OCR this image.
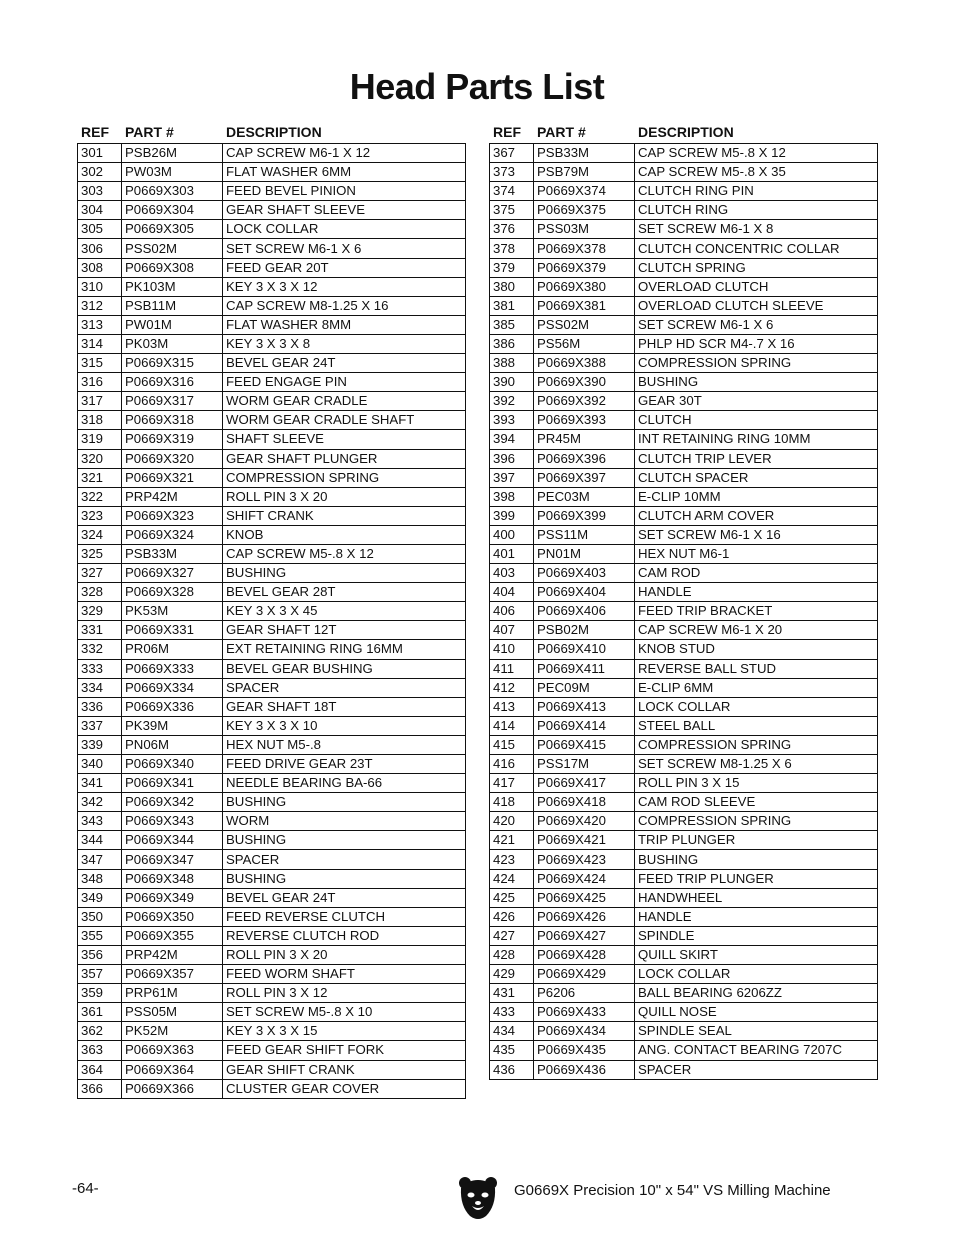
Head Parts List
REF	PART #	DESCRIPTION
301	PSB26M	CAP SCREW M6-1 X 12
302	PW03M	FLAT WASHER 6MM
303	P0669X303	FEED BEVEL PINION
304	P0669X304	GEAR SHAFT SLEEVE
305	P0669X305	LOCK COLLAR
306	PSS02M	SET SCREW M6-1 X 6
308	P0669X308	FEED GEAR 20T
310	PK103M	KEY 3 X 3 X 12
312	PSB11M	CAP SCREW M8-1.25 X 16
313	PW01M	FLAT WASHER 8MM
314	PK03M	KEY 3 X 3 X 8
315	P0669X315	BEVEL GEAR 24T
316	P0669X316	FEED ENGAGE PIN
317	P0669X317	WORM GEAR CRADLE
318	P0669X318	WORM GEAR CRADLE SHAFT
319	P0669X319	SHAFT SLEEVE
320	P0669X320	GEAR SHAFT PLUNGER
321	P0669X321	COMPRESSION SPRING
322	PRP42M	ROLL PIN 3 X 20
323	P0669X323	SHIFT CRANK
324	P0669X324	KNOB
325	PSB33M	CAP SCREW M5-.8 X 12
327	P0669X327	BUSHING
328	P0669X328	BEVEL GEAR 28T
329	PK53M	KEY 3 X 3 X 45
331	P0669X331	GEAR SHAFT 12T
332	PR06M	EXT RETAINING RING 16MM
333	P0669X333	BEVEL GEAR BUSHING
334	P0669X334	SPACER
336	P0669X336	GEAR SHAFT 18T
337	PK39M	KEY 3 X 3 X 10
339	PN06M	HEX NUT M5-.8
340	P0669X340	FEED DRIVE GEAR 23T
341	P0669X341	NEEDLE BEARING BA-66
342	P0669X342	BUSHING
343	P0669X343	WORM
344	P0669X344	BUSHING
347	P0669X347	SPACER
348	P0669X348	BUSHING
349	P0669X349	BEVEL GEAR 24T
350	P0669X350	FEED REVERSE CLUTCH
355	P0669X355	REVERSE CLUTCH ROD
356	PRP42M	ROLL PIN 3 X 20
357	P0669X357	FEED WORM SHAFT
359	PRP61M	ROLL PIN 3 X 12
361	PSS05M	SET SCREW M5-.8 X 10
362	PK52M	KEY 3 X 3 X 15
363	P0669X363	FEED GEAR SHIFT FORK
364	P0669X364	GEAR SHIFT CRANK
366	P0669X366	CLUSTER GEAR COVER
REF	PART #	DESCRIPTION
367	PSB33M	CAP SCREW M5-.8 X 12
373	PSB79M	CAP SCREW M5-.8 X 35
374	P0669X374	CLUTCH RING PIN
375	P0669X375	CLUTCH RING
376	PSS03M	SET SCREW M6-1 X 8
378	P0669X378	CLUTCH CONCENTRIC COLLAR
379	P0669X379	CLUTCH SPRING
380	P0669X380	OVERLOAD CLUTCH
381	P0669X381	OVERLOAD CLUTCH SLEEVE
385	PSS02M	SET SCREW M6-1 X 6
386	PS56M	PHLP HD SCR M4-.7 X 16
388	P0669X388	COMPRESSION SPRING
390	P0669X390	BUSHING
392	P0669X392	GEAR 30T
393	P0669X393	CLUTCH
394	PR45M	INT RETAINING RING 10MM
396	P0669X396	CLUTCH TRIP LEVER
397	P0669X397	CLUTCH SPACER
398	PEC03M	E-CLIP 10MM
399	P0669X399	CLUTCH ARM COVER
400	PSS11M	SET SCREW M6-1 X 16
401	PN01M	HEX NUT M6-1
403	P0669X403	CAM ROD
404	P0669X404	HANDLE
406	P0669X406	FEED TRIP BRACKET
407	PSB02M	CAP SCREW M6-1 X 20
410	P0669X410	KNOB STUD
411	P0669X411	REVERSE BALL STUD
412	PEC09M	E-CLIP 6MM
413	P0669X413	LOCK COLLAR
414	P0669X414	STEEL BALL
415	P0669X415	COMPRESSION SPRING
416	PSS17M	SET SCREW M8-1.25 X 6
417	P0669X417	ROLL PIN 3 X 15
418	P0669X418	CAM ROD SLEEVE
420	P0669X420	COMPRESSION SPRING
421	P0669X421	TRIP PLUNGER
423	P0669X423	BUSHING
424	P0669X424	FEED TRIP PLUNGER
425	P0669X425	HANDWHEEL
426	P0669X426	HANDLE
427	P0669X427	SPINDLE
428	P0669X428	QUILL SKIRT
429	P0669X429	LOCK COLLAR
431	P6206	BALL BEARING 6206ZZ
433	P0669X433	QUILL NOSE
434	P0669X434	SPINDLE SEAL
435	P0669X435	ANG. CONTACT BEARING 7207C
436	P0669X436	SPACER
-64-	G0669X Precision 10" x 54" VS Milling Machine
